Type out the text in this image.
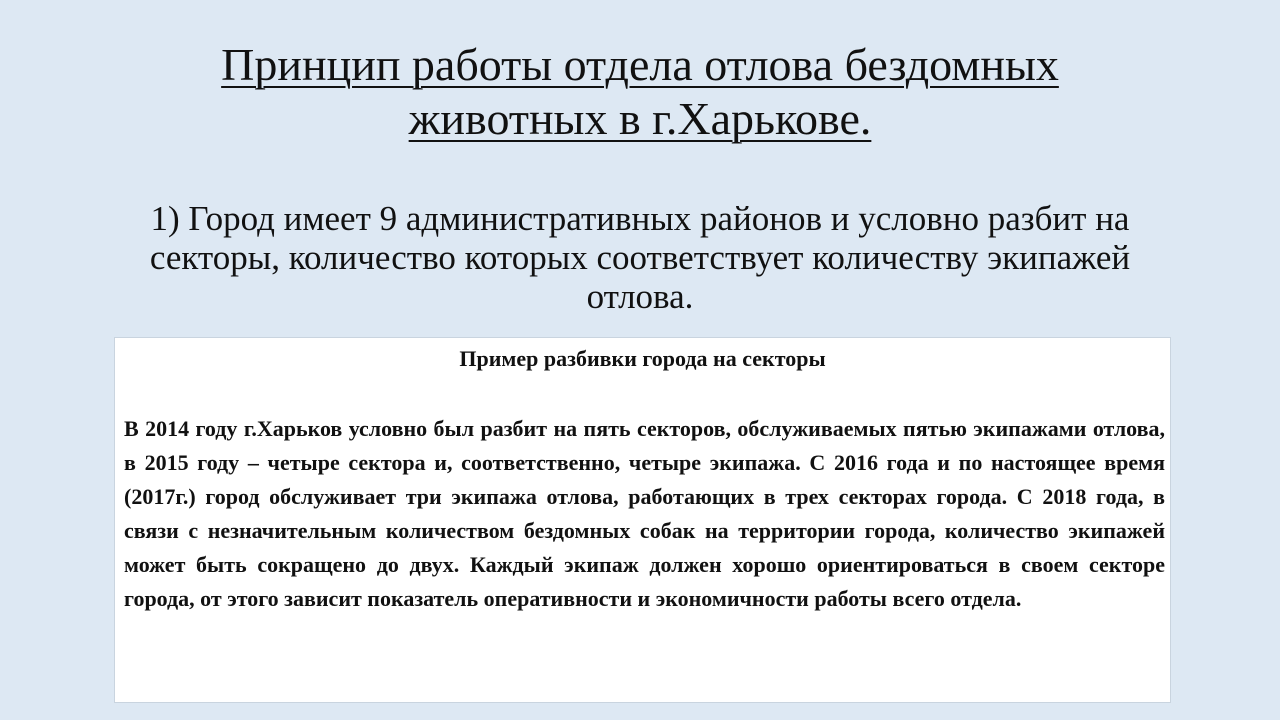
Принцип работы отдела отлова бездомных животных в г.Харькове.

1) Город имеет 9 административных районов и условно разбит на секторы, количество которых соответствует количеству экипажей отлова.

Пример разбивки города на секторы

В 2014 году г.Харьков условно был разбит на пять секторов, обслуживаемых пятью экипажами отлова, в 2015 году – четыре сектора и, соответственно, четыре экипажа. С 2016 года и по настоящее время (2017г.) город обслуживает три экипажа отлова, работающих в трех секторах города. С 2018 года, в связи с незначительным количеством бездомных собак на территории города, количество экипажей может быть сокращено до двух. Каждый экипаж должен хорошо ориентироваться в своем секторе города, от этого зависит показатель оперативности и экономичности работы всего отдела.
